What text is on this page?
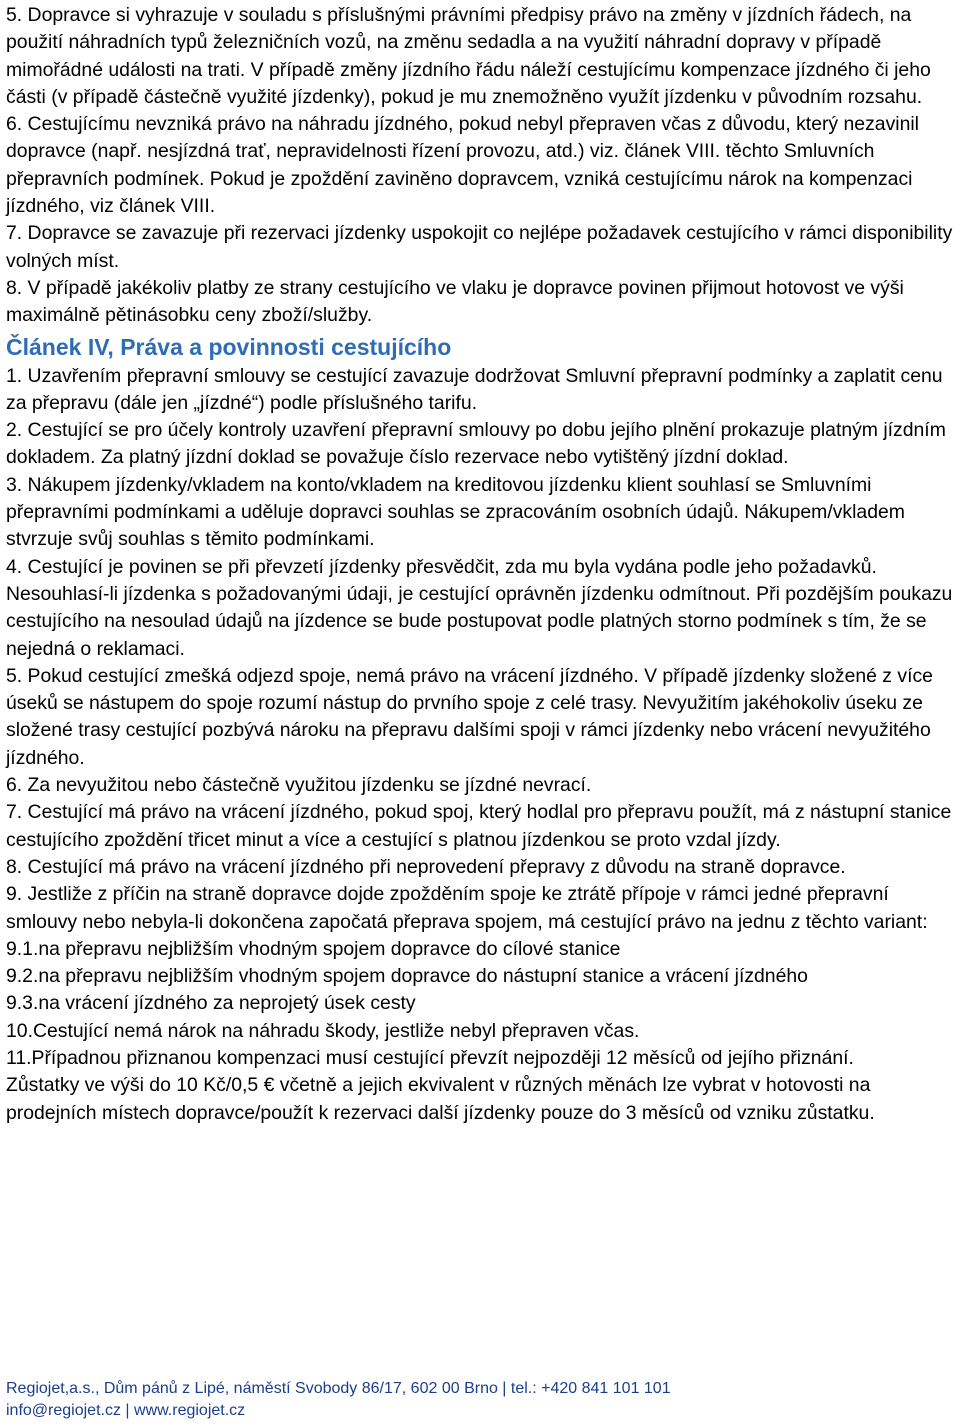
5. Dopravce si vyhrazuje v souladu s příslušnými právními předpisy právo na změny v jízdních řádech, na použití náhradních typů železničních vozů, na změnu sedadla a na využití náhradní dopravy v případě mimořádné události na trati. V případě změny jízdního řádu náleží cestujícímu kompenzace jízdného či jeho části (v případě částečně využité jízdenky), pokud je mu znemožněno využít jízdenku v původním rozsahu.

6. Cestujícímu nevzniká právo na náhradu jízdného, pokud nebyl přepraven včas z důvodu, který nezavinil dopravce (např. nesjízdná trať, nepravidelnosti řízení provozu, atd.) viz. článek VIII. těchto Smluvních přepravních podmínek. Pokud je zpoždění zaviněno dopravcem, vzniká cestujícímu nárok na kompenzaci jízdného, viz článek VIII.

7. Dopravce se zavazuje při rezervaci jízdenky uspokojit co nejlépe požadavek cestujícího v rámci disponibility volných míst.

8. V případě jakékoliv platby ze strany cestujícího ve vlaku je dopravce povinen přijmout hotovost ve výši maximálně pětinásobku ceny zboží/služby.

Článek IV, Práva a povinnosti cestujícího

1. Uzavřením přepravní smlouvy se cestující zavazuje dodržovat Smluvní přepravní podmínky a zaplatit cenu za přepravu (dále jen „jízdné“) podle příslušného tarifu.

2. Cestující se pro účely kontroly uzavření přepravní smlouvy po dobu jejího plnění prokazuje platným jízdním dokladem. Za platný jízdní doklad se považuje číslo rezervace nebo vytištěný jízdní doklad.

3. Nákupem jízdenky/vkladem na konto/vkladem na kreditovou jízdenku klient souhlasí se Smluvními přepravními podmínkami a uděluje dopravci souhlas se zpracováním osobních údajů. Nákupem/vkladem stvrzuje svůj souhlas s těmito podmínkami.

4. Cestující je povinen se při převzetí jízdenky přesvědčit, zda mu byla vydána podle jeho požadavků. Nesouhlasí-li jízdenka s požadovanými údaji, je cestující oprávněn jízdenku odmítnout. Při pozdějším poukazu cestujícího na nesoulad údajů na jízdence se bude postupovat podle platných storno podmínek s tím, že se nejedná o reklamaci.

5. Pokud cestující zmešká odjezd spoje, nemá právo na vrácení jízdného. V případě jízdenky složené z více úseků se nástupem do spoje rozumí nástup do prvního spoje z celé trasy. Nevyužitím jakéhokoliv úseku ze složené trasy cestující pozbývá nároku na přepravu dalšími spoji v rámci jízdenky nebo vrácení nevyužitého jízdného.

6. Za nevyužitou nebo částečně využitou jízdenku se jízdné nevrací.

7. Cestující má právo na vrácení jízdného, pokud spoj, který hodlal pro přepravu použít, má z nástupní stanice cestujícího zpoždění třicet minut a více a cestující s platnou jízdenkou se proto vzdal jízdy.

8. Cestující má právo na vrácení jízdného při neprovedení přepravy z důvodu na straně dopravce.

9. Jestliže z příčin na straně dopravce dojde zpožděním spoje ke ztrátě přípoje v rámci jedné přepravní smlouvy nebo nebyla-li dokončena započatá přeprava spojem, má cestující právo na jednu z těchto variant:

9.1.na přepravu nejbližším vhodným spojem dopravce do cílové stanice

9.2.na přepravu nejbližším vhodným spojem dopravce do nástupní stanice a vrácení jízdného

9.3.na vrácení jízdného za neprojetý úsek cesty

10.Cestující nemá nárok na náhradu škody, jestliže nebyl přepraven včas.

11.Případnou přiznanou kompenzaci musí cestující převzít nejpozději 12 měsíců od jejího přiznání.

Zůstatky ve výši do 10 Kč/0,5 € včetně a jejich ekvivalent v různých měnách lze vybrat v hotovosti na prodejních místech dopravce/použít k rezervaci další jízdenky pouze do 3 měsíců od vzniku zůstatku.

Regiojet,a.s., Dům pánů z Lipé, náměstí Svobody 86/17, 602 00 Brno | tel.: +420 841 101 101
info@regiojet.cz | www.regiojet.cz
